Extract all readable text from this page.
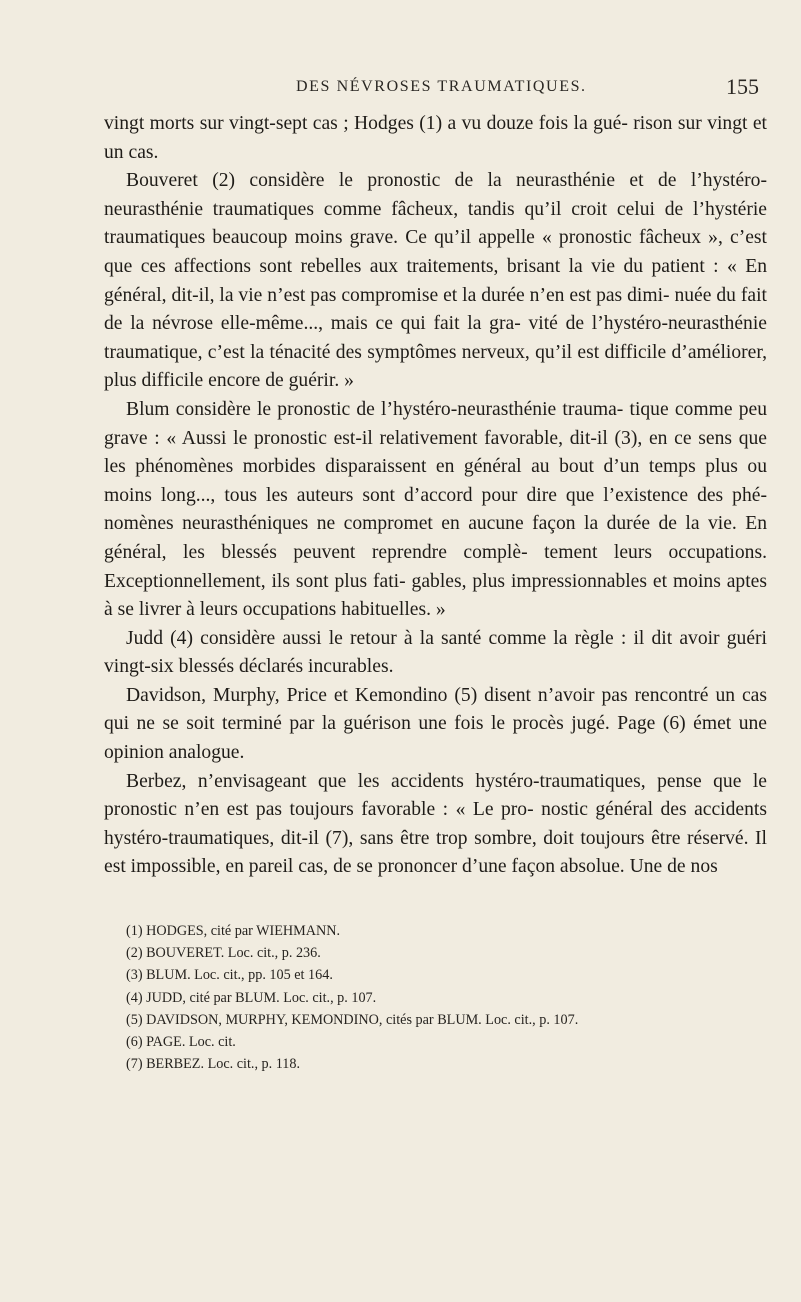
DES NÉVROSES TRAUMATIQUES.	155

vingt morts sur vingt-sept cas ; Hodges (1) a vu douze fois la gué- rison sur vingt et un cas.

Bouveret (2) considère le pronostic de la neurasthénie et de l’hystéro-neurasthénie traumatiques comme fâcheux, tandis qu’il croit celui de l’hystérie traumatiques beaucoup moins grave. Ce qu’il appelle « pronostic fâcheux », c’est que ces affections sont rebelles aux traitements, brisant la vie du patient : « En général, dit-il, la vie n’est pas compromise et la durée n’en est pas dimi- nuée du fait de la névrose elle-même..., mais ce qui fait la gra- vité de l’hystéro-neurasthénie traumatique, c’est la ténacité des symptômes nerveux, qu’il est difficile d’améliorer, plus difficile encore de guérir. »

Blum considère le pronostic de l’hystéro-neurasthénie trauma- tique comme peu grave : « Aussi le pronostic est-il relativement favorable, dit-il (3), en ce sens que les phénomènes morbides disparaissent en général au bout d’un temps plus ou moins long..., tous les auteurs sont d’accord pour dire que l’existence des phé- nomènes neurasthéniques ne compromet en aucune façon la durée de la vie. En général, les blessés peuvent reprendre complè- tement leurs occupations. Exceptionnellement, ils sont plus fati- gables, plus impressionnables et moins aptes à se livrer à leurs occupations habituelles. »

Judd (4) considère aussi le retour à la santé comme la règle : il dit avoir guéri vingt-six blessés déclarés incurables.

Davidson, Murphy, Price et Kemondino (5) disent n’avoir pas rencontré un cas qui ne se soit terminé par la guérison une fois le procès jugé. Page (6) émet une opinion analogue.

Berbez, n’envisageant que les accidents hystéro-traumatiques, pense que le pronostic n’en est pas toujours favorable : « Le pro- nostic général des accidents hystéro-traumatiques, dit-il (7), sans être trop sombre, doit toujours être réservé. Il est impossible, en pareil cas, de se prononcer d’une façon absolue. Une de nos

(1) HODGES, cité par WIEHMANN.
(2) BOUVERET. Loc. cit., p. 236.
(3) BLUM. Loc. cit., pp. 105 et 164.
(4) JUDD, cité par BLUM. Loc. cit., p. 107.
(5) DAVIDSON, MURPHY, KEMONDINO, cités par BLUM. Loc. cit., p. 107.
(6) PAGE. Loc. cit.
(7) BERBEZ. Loc. cit., p. 118.
